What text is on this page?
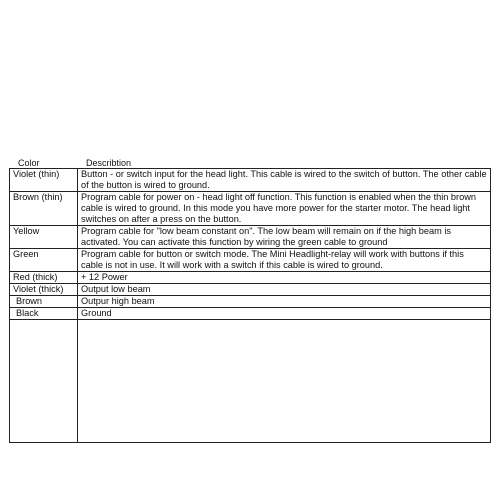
Color	Describtion
Violet (thin)	Button - or switch input for the head light. This cable is wired to the switch of button. The other cable of the button is wired to ground.
Brown (thin)	Program cable for power on - head light off function. This function is enabled when the thin brown cable is wired to ground. In this mode you have more power for the starter motor. The head light switches on after a press on the button.
Yellow	Program cable for "low beam constant on". The low beam will remain on if the high beam is activated. You can activate this function by wiring the green cable to ground
Green	Program cable for button or switch mode. The Mini Headlight-relay will work with buttons if this cable is not in use. It will work with a switch if this cable is wired to ground.
Red (thick)	+ 12 Power
Violet (thick)	Output low beam
Brown	Outpur high beam
Black	Ground
